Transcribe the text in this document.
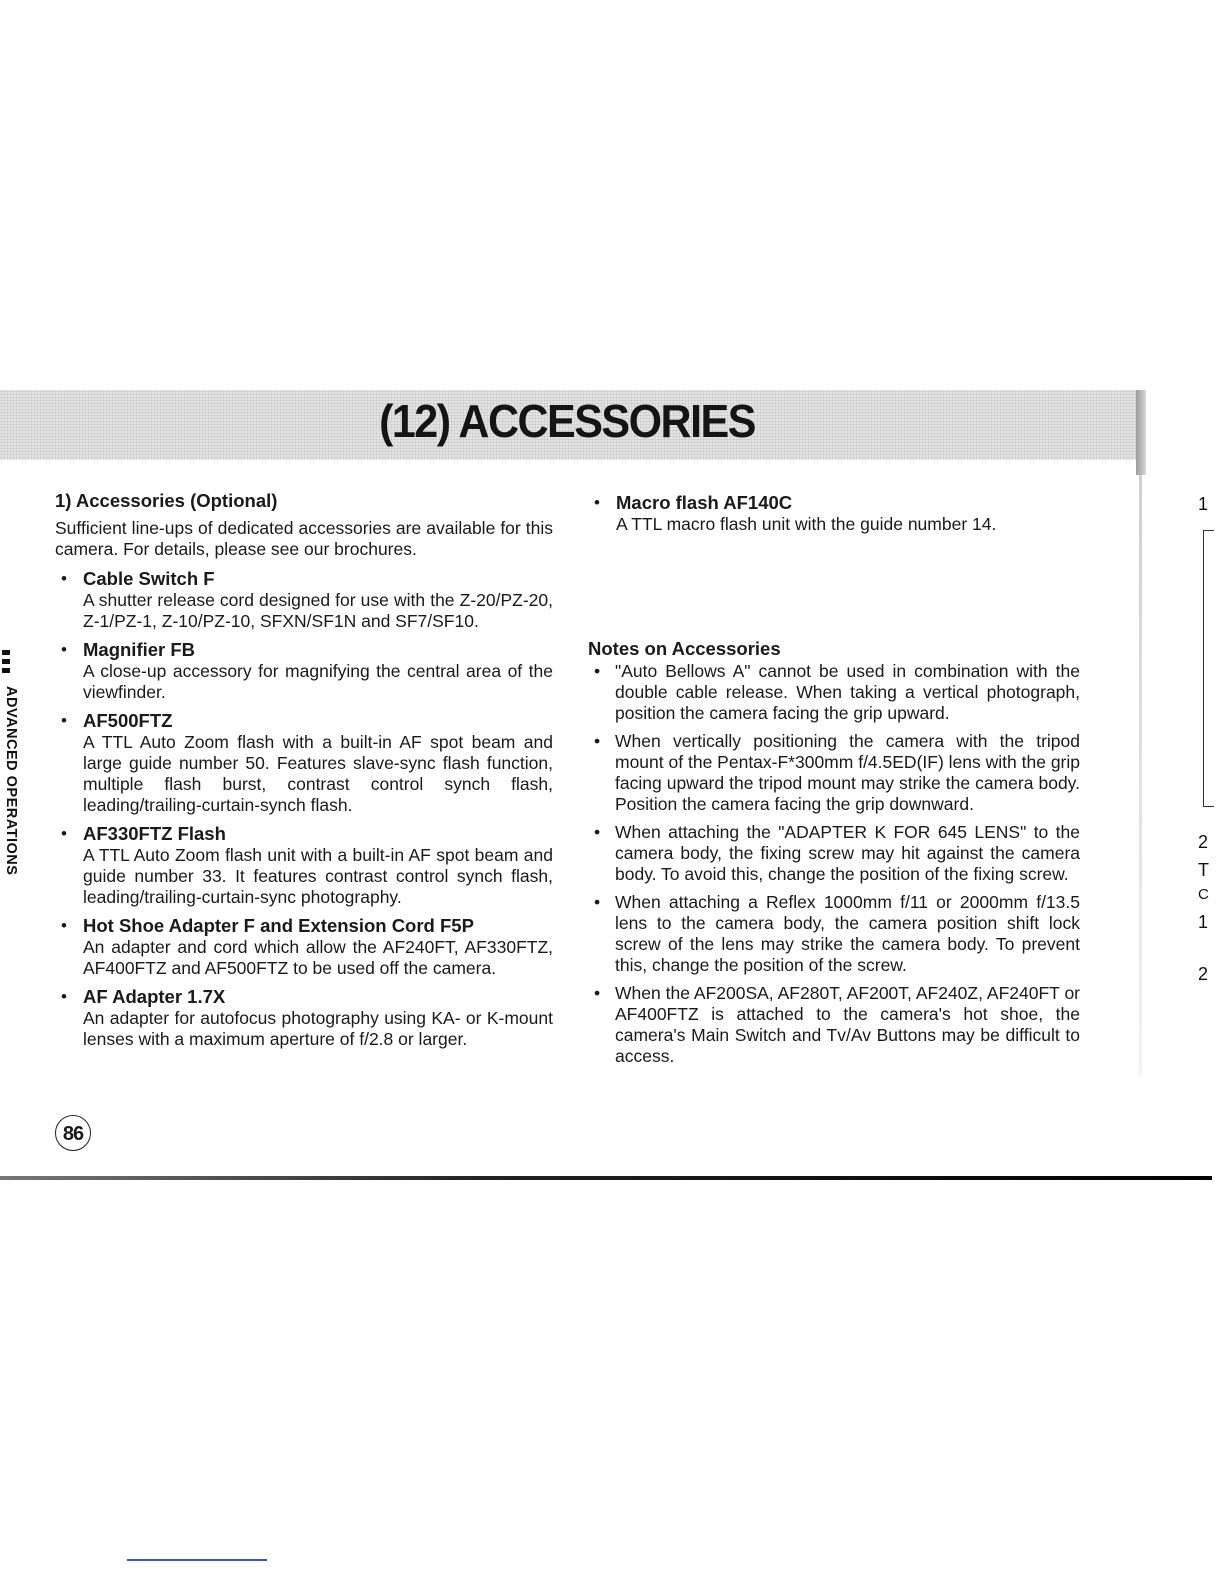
(12) ACCESSORIES
ADVANCED OPERATIONS
1) Accessories (Optional)
Sufficient line-ups of dedicated accessories are available for this camera. For details, please see our brochures.
• Cable Switch F
A shutter release cord designed for use with the Z-20/PZ-20, Z-1/PZ-1, Z-10/PZ-10, SFXN/SF1N and SF7/SF10.
• Magnifier FB
A close-up accessory for magnifying the central area of the viewfinder.
• AF500FTZ
A TTL Auto Zoom flash with a built-in AF spot beam and large guide number 50. Features slave-sync flash function, multiple flash burst, contrast control synch flash, leading/trailing-curtain-synch flash.
• AF330FTZ Flash
A TTL Auto Zoom flash unit with a built-in AF spot beam and guide number 33. It features contrast control synch flash, leading/trailing-curtain-sync photography.
• Hot Shoe Adapter F and Extension Cord F5P
An adapter and cord which allow the AF240FT, AF330FTZ, AF400FTZ and AF500FTZ to be used off the camera.
• AF Adapter 1.7X
An adapter for autofocus photography using KA- or K-mount lenses with a maximum aperture of f/2.8 or larger.
• Macro flash AF140C
A TTL macro flash unit with the guide number 14.
Notes on Accessories
• "Auto Bellows A" cannot be used in combination with the double cable release. When taking a vertical photograph, position the camera facing the grip upward.
• When vertically positioning the camera with the tripod mount of the Pentax-F*300mm f/4.5ED(IF) lens with the grip facing upward the tripod mount may strike the camera body. Position the camera facing the grip downward.
• When attaching the "ADAPTER K FOR 645 LENS" to the camera body, the fixing screw may hit against the camera body. To avoid this, change the position of the fixing screw.
• When attaching a Reflex 1000mm f/11 or 2000mm f/13.5 lens to the camera body, the camera position shift lock screw of the lens may strike the camera body. To prevent this, change the position of the screw.
• When the AF200SA, AF280T, AF200T, AF240Z, AF240FT or AF400FTZ is attached to the camera's hot shoe, the camera's Main Switch and Tv/Av Buttons may be difficult to access.
86
1
2
T
C
1
2
